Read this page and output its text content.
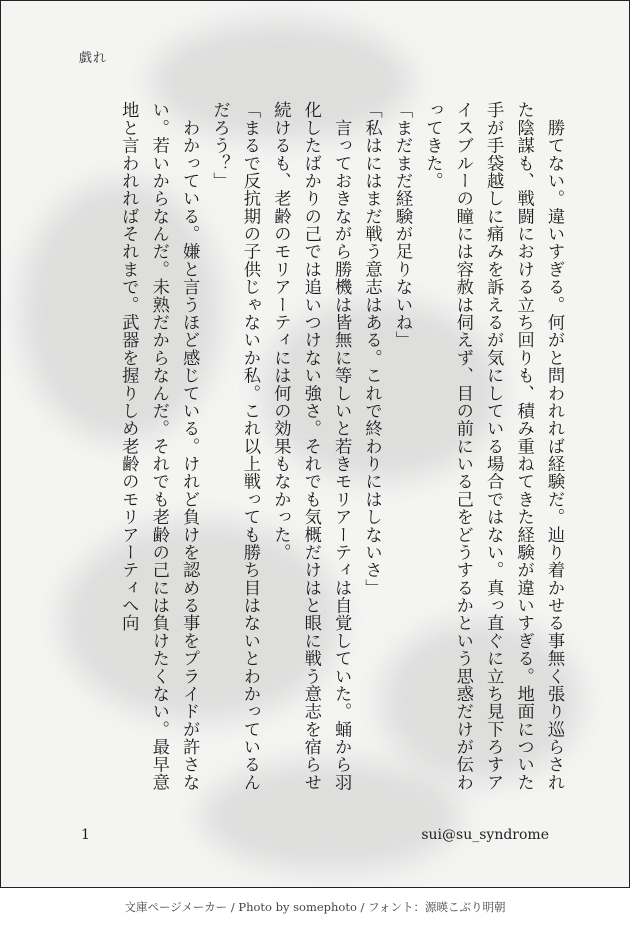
戯れ

　勝てない。違いすぎる。何がと問われれば経験だ。辿り着かせる事無く張り巡らされた陰謀も、戦闘における立ち回りも、積み重ねてきた経験が違いすぎる。地面についた手が手袋越しに痛みを訴えるが気にしている場合ではない。真っ直ぐに立ち見下ろすアイスブルーの瞳には容赦は伺えず、目の前にいる己をどうするかという思惑だけが伝わってきた。

「まだまだ経験が足りないね」

「私はにはまだ戦う意志はある。これで終わりにはしないさ」

　言っておきながら勝機は皆無に等しいと若きモリアーティは自覚していた。蛹から羽化したばかりの己では追いつけない強さ。それでも気概だけはと眼に戦う意志を宿らせ続けるも、老齢のモリアーティには何の効果もなかった。

「まるで反抗期の子供じゃないか私。これ以上戦っても勝ち目はないとわかっているんだろう？」

　わかっている。嫌と言うほど感じている。けれど負けを認める事をプライドが許さない。若いからなんだ。未熟だからなんだ。それでも老齢の己には負けたくない。最早意地と言われればそれまで。武器を握りしめ老齢のモリアーティへ向

1	sui@su_syndrome
文庫ページメーカー / Photo by somephoto / フォント：源暎こぶり明朝
